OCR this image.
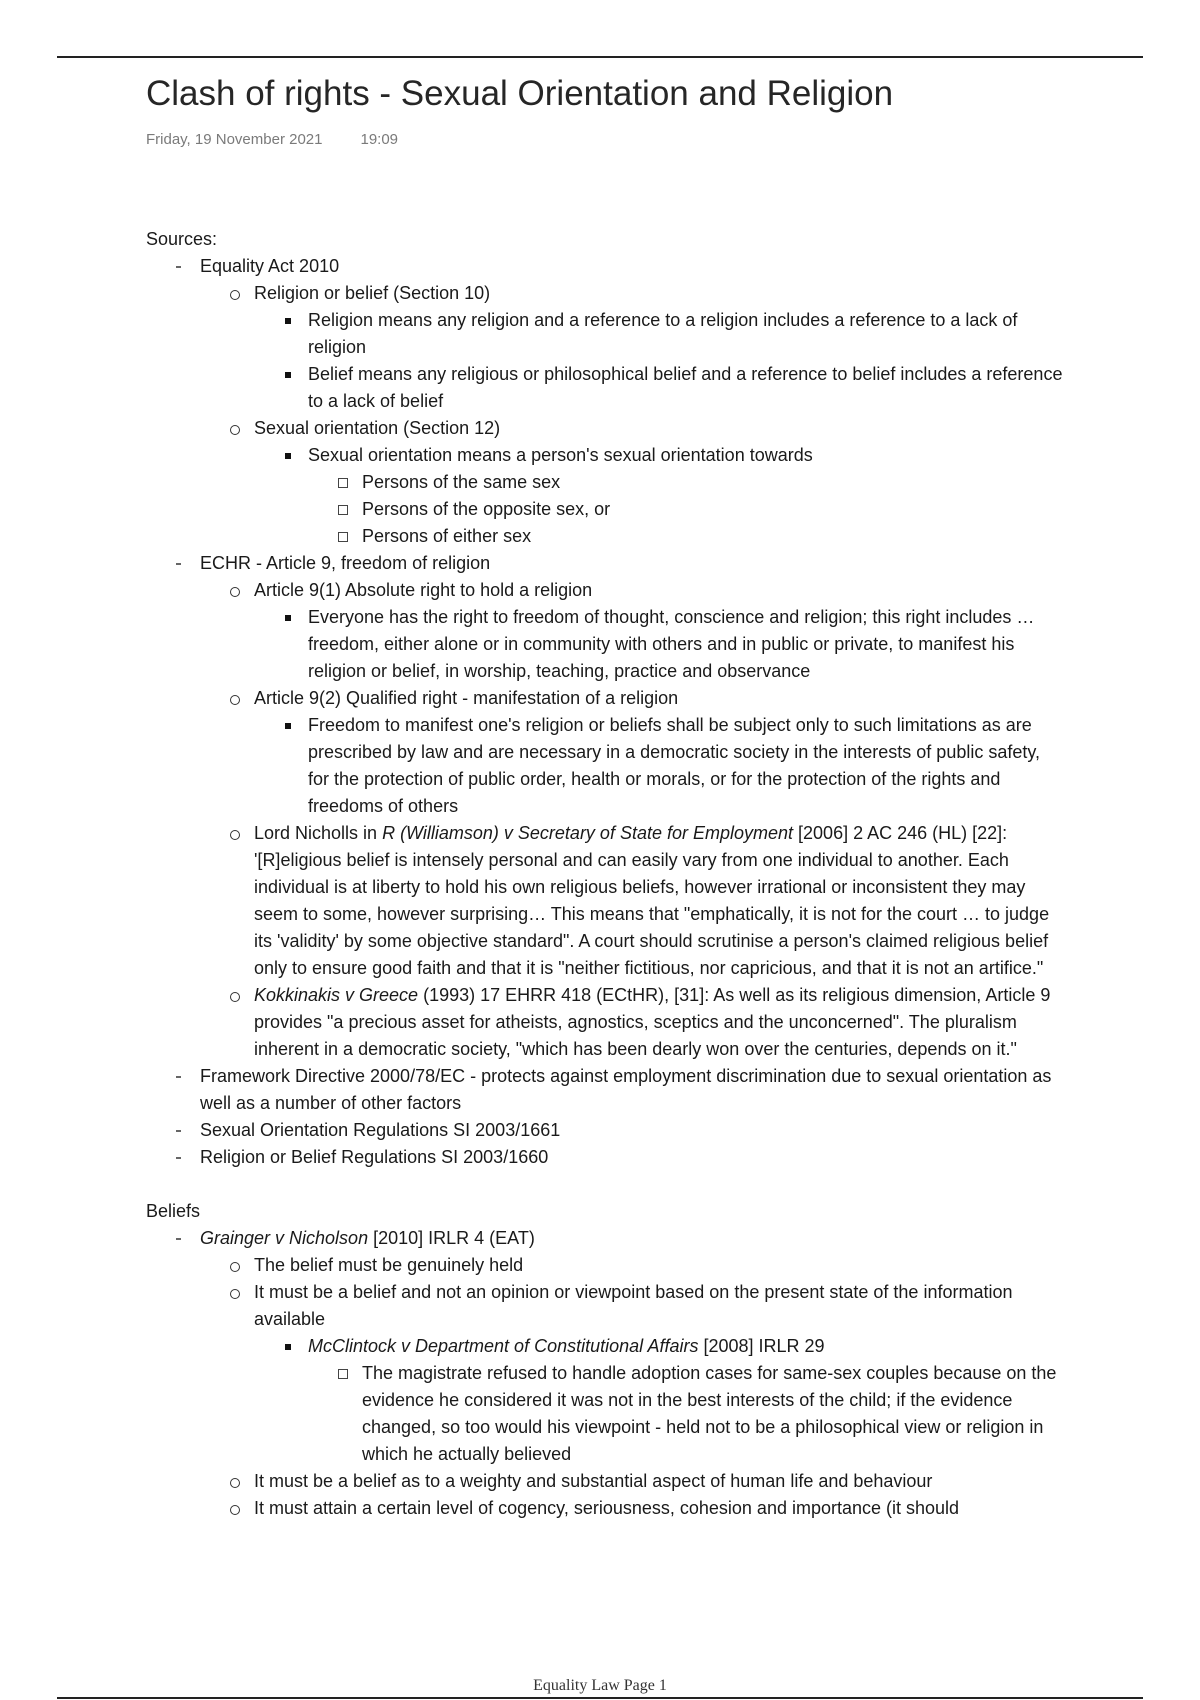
Clash of rights - Sexual Orientation and Religion
Friday, 19 November 2021	19:09
Sources:
Equality Act 2010
Religion or belief (Section 10)
Religion means any religion and a reference to a religion includes a reference to a lack of religion
Belief means any religious or philosophical belief and a reference to belief includes a reference to a lack of belief
Sexual orientation (Section 12)
Sexual orientation means a person's sexual orientation towards
Persons of the same sex
Persons of the opposite sex, or
Persons of either sex
ECHR - Article 9, freedom of religion
Article 9(1) Absolute right to hold a religion
Everyone has the right to freedom of thought, conscience and religion; this right includes … freedom, either alone or in community with others and in public or private, to manifest his religion or belief, in worship, teaching, practice and observance
Article 9(2) Qualified right - manifestation of a religion
Freedom to manifest one's religion or beliefs shall be subject only to such limitations as are prescribed by law and are necessary in a democratic society in the interests of public safety, for the protection of public order, health or morals, or for the protection of the rights and freedoms of others
Lord Nicholls in R (Williamson) v Secretary of State for Employment [2006] 2 AC 246 (HL) [22]: '[R]eligious belief is intensely personal and can easily vary from one individual to another. Each individual is at liberty to hold his own religious beliefs, however irrational or inconsistent they may seem to some, however surprising… This means that "emphatically, it is not for the court … to judge its 'validity' by some objective standard". A court should scrutinise a person's claimed religious belief only to ensure good faith and that it is "neither fictitious, nor capricious, and that it is not an artifice."
Kokkinakis v Greece (1993) 17 EHRR 418 (ECtHR), [31]: As well as its religious dimension, Article 9 provides "a precious asset for atheists, agnostics, sceptics and the unconcerned". The pluralism inherent in a democratic society, "which has been dearly won over the centuries, depends on it."
Framework Directive 2000/78/EC - protects against employment discrimination due to sexual orientation as well as a number of other factors
Sexual Orientation Regulations SI 2003/1661
Religion or Belief Regulations SI 2003/1660
Beliefs
Grainger v Nicholson [2010] IRLR 4 (EAT)
The belief must be genuinely held
It must be a belief and not an opinion or viewpoint based on the present state of the information available
McClintock v Department of Constitutional Affairs [2008] IRLR 29
The magistrate refused to handle adoption cases for same-sex couples because on the evidence he considered it was not in the best interests of the child; if the evidence changed, so too would his viewpoint - held not to be a philosophical view or religion in which he actually believed
It must be a belief as to a weighty and substantial aspect of human life and behaviour
It must attain a certain level of cogency, seriousness, cohesion and importance (it should
Equality Law Page 1
